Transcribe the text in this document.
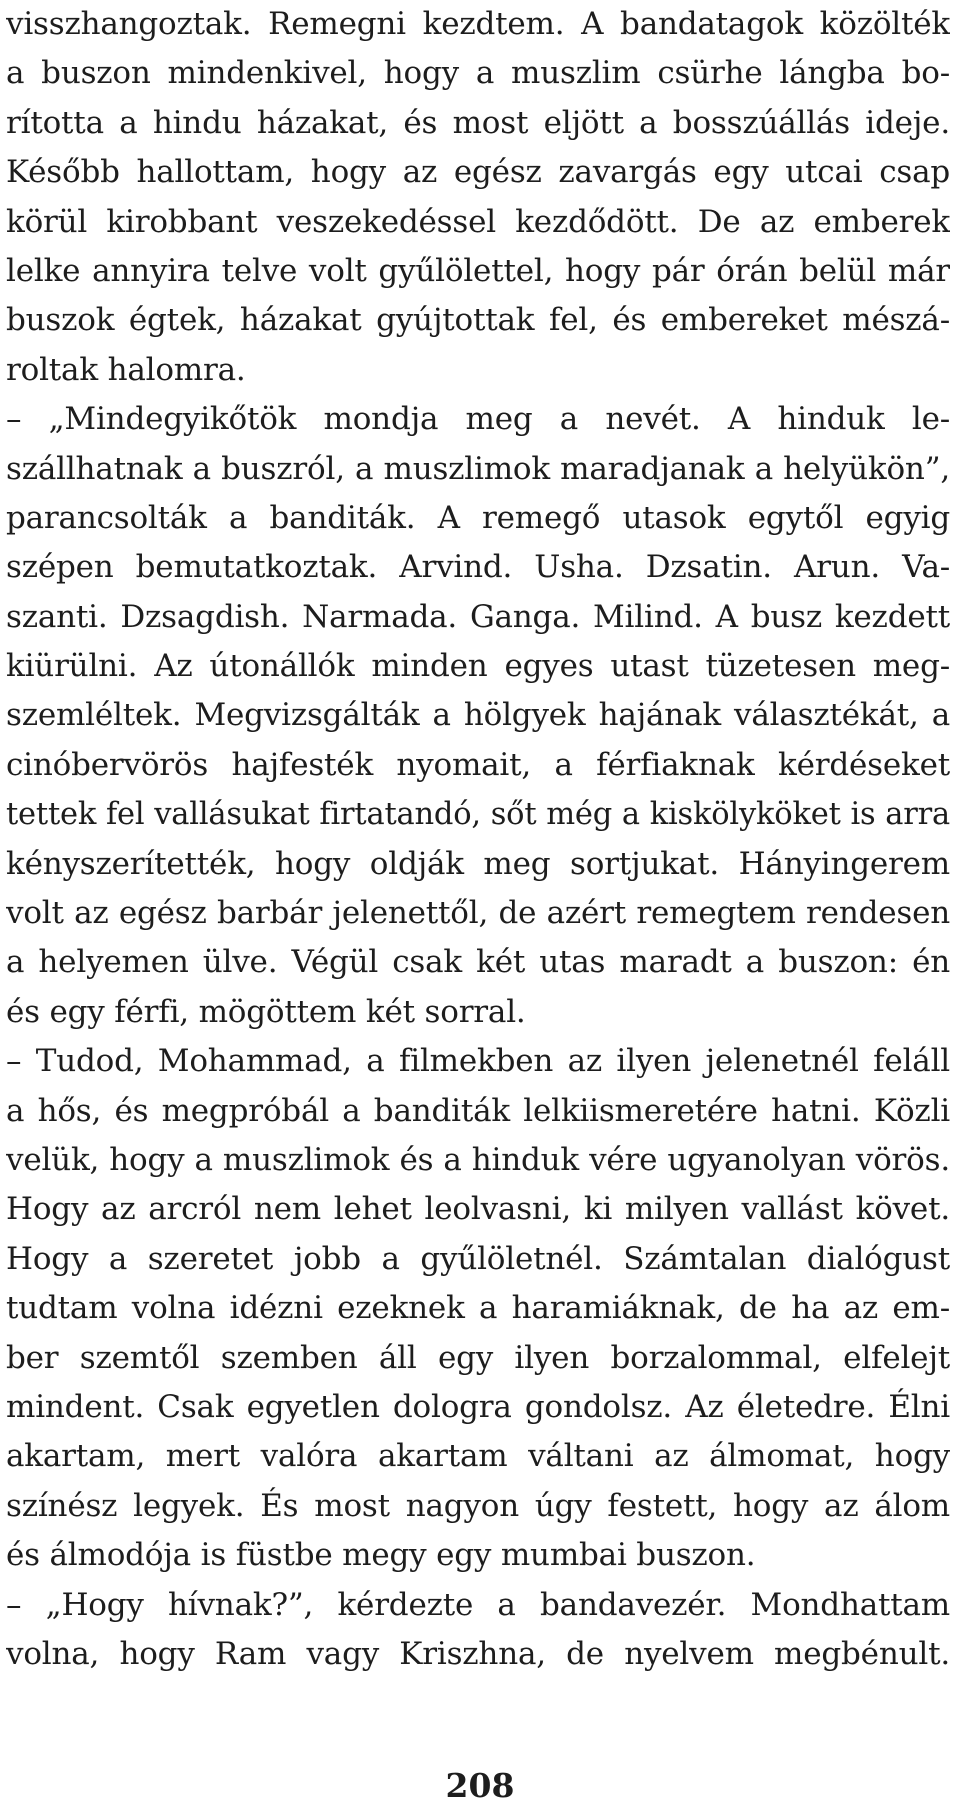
visszhangoztak. Remegni kezdtem. A bandatagok közölték
a buszon mindenkivel, hogy a muszlim csürhe lángba bo-
rította a hindu házakat, és most eljött a bosszúállás ideje.
Később hallottam, hogy az egész zavargás egy utcai csap
körül kirobbant veszekedéssel kezdődött. De az emberek
lelke annyira telve volt gyűlölettel, hogy pár órán belül már
buszok égtek, házakat gyújtottak fel, és embereket mészá-
roltak halomra.
– „Mindegyikőtök mondja meg a nevét. A hinduk le-
szállhatnak a buszról, a muszlimok maradjanak a helyükön”,
parancsolták a banditák. A remegő utasok egytől egyig
szépen bemutatkoztak. Arvind. Usha. Dzsatin. Arun. Va-
szanti. Dzsagdish. Narmada. Ganga. Milind. A busz kezdett
kiürülni. Az útonállók minden egyes utast tüzetesen meg-
szemléltek. Megvizsgálták a hölgyek hajának választékát, a
cinóbervörös hajfesték nyomait, a férfiaknak kérdéseket
tettek fel vallásukat firtatandó, sőt még a kiskölyköket is arra
kényszerítették, hogy oldják meg sortjukat. Hányingerem
volt az egész barbár jelenettől, de azért remegtem rendesen
a helyemen ülve. Végül csak két utas maradt a buszon: én
és egy férfi, mögöttem két sorral.
– Tudod, Mohammad, a filmekben az ilyen jelenetnél feláll
a hős, és megpróbál a banditák lelkiismeretére hatni. Közli
velük, hogy a muszlimok és a hinduk vére ugyanolyan vörös.
Hogy az arcról nem lehet leolvasni, ki milyen vallást követ.
Hogy a szeretet jobb a gyűlöletnél. Számtalan dialógust
tudtam volna idézni ezeknek a haramiáknak, de ha az em-
ber szemtől szemben áll egy ilyen borzalommal, elfelejt
mindent. Csak egyetlen dologra gondolsz. Az életedre. Élni
akartam, mert valóra akartam váltani az álmomat, hogy
színész legyek. És most nagyon úgy festett, hogy az álom
és álmodója is füstbe megy egy mumbai buszon.
– „Hogy hívnak?”, kérdezte a bandavezér. Mondhattam
volna, hogy Ram vagy Kriszhna, de nyelvem megbénult.
208
